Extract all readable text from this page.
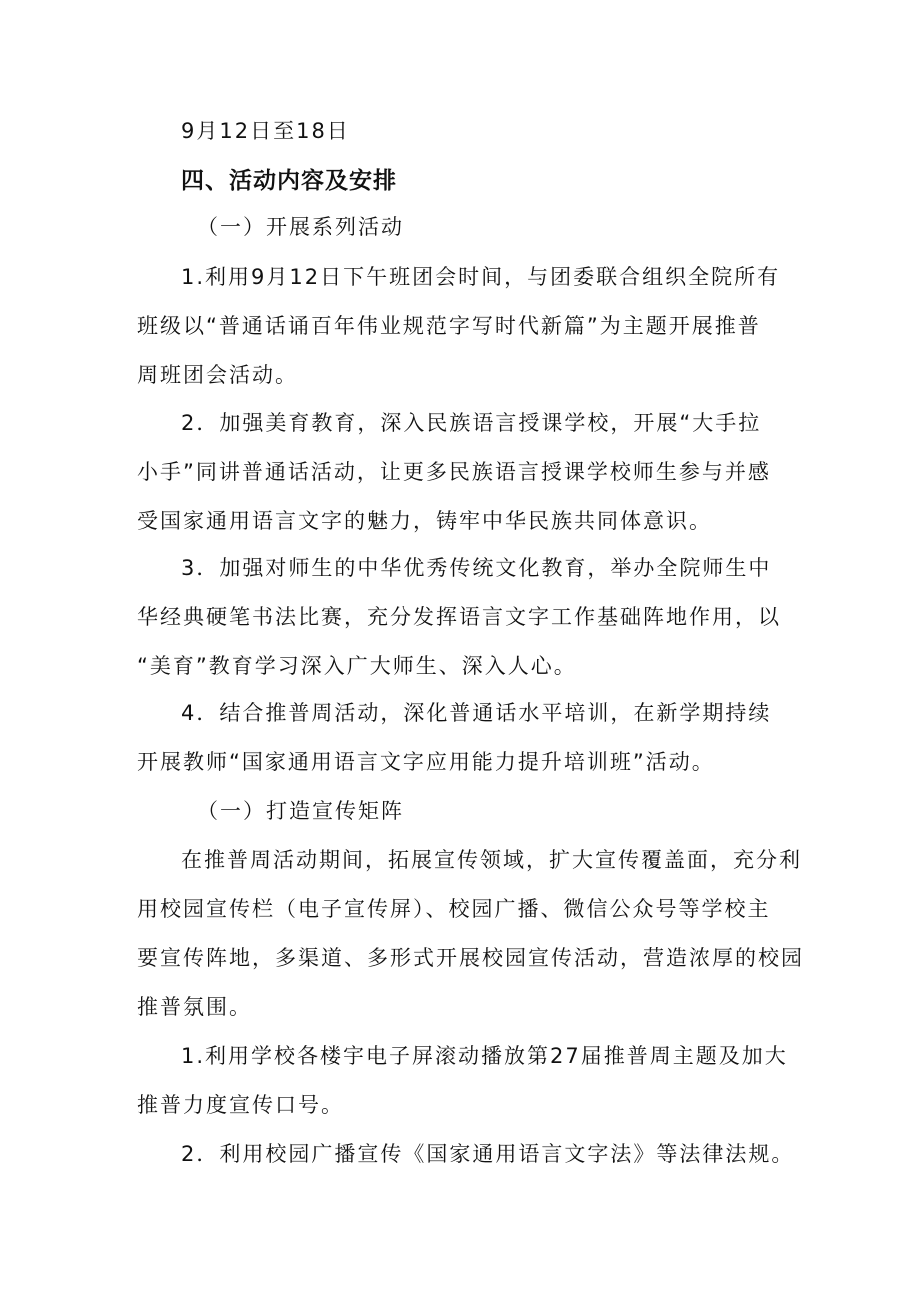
9月12日至18日
四、活动内容及安排
（一）开展系列活动
1.利用9月12日下午班团会时间，与团委联合组织全院所有
班级以“普通话诵百年伟业规范字写时代新篇”为主题开展推普
周班团会活动。
2．加强美育教育，深入民族语言授课学校，开展“大手拉
小手”同讲普通话活动，让更多民族语言授课学校师生参与并感
受国家通用语言文字的魅力，铸牢中华民族共同体意识。
3．加强对师生的中华优秀传统文化教育，举办全院师生中
华经典硬笔书法比赛，充分发挥语言文字工作基础阵地作用，以
“美育”教育学习深入广大师生、深入人心。
4．结合推普周活动，深化普通话水平培训，在新学期持续
开展教师“国家通用语言文字应用能力提升培训班”活动。
（一）打造宣传矩阵
在推普周活动期间，拓展宣传领域，扩大宣传覆盖面，充分利
用校园宣传栏（电子宣传屏）、校园广播、微信公众号等学校主
要宣传阵地，多渠道、多形式开展校园宣传活动，营造浓厚的校园
推普氛围。
1.利用学校各楼宇电子屏滚动播放第27届推普周主题及加大
推普力度宣传口号。
2．利用校园广播宣传《国家通用语言文字法》等法律法规。
